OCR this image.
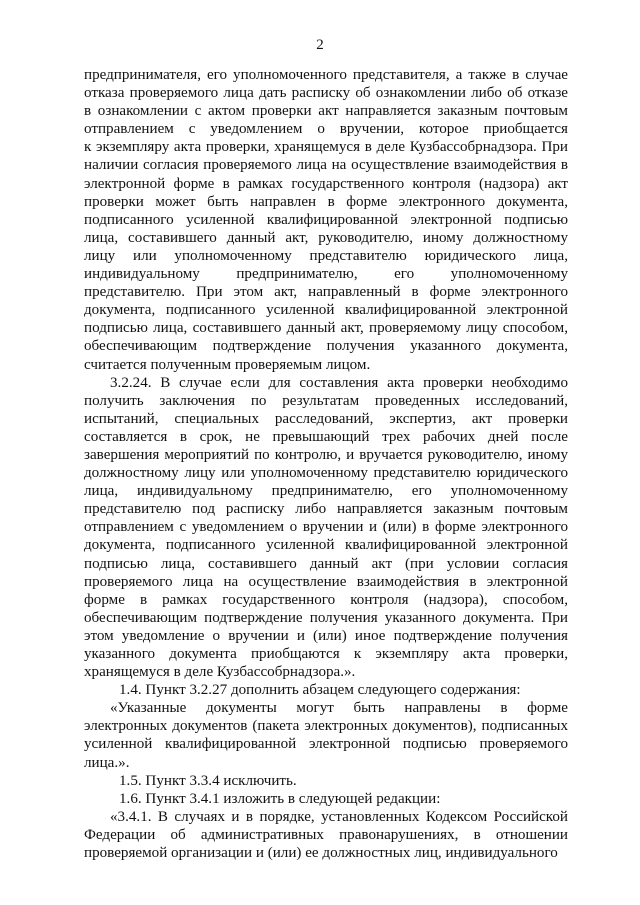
2
предпринимателя, его уполномоченного представителя, а также в случае
отказа проверяемого лица дать расписку об ознакомлении либо об отказе
в ознакомлении с актом проверки акт направляется заказным почтовым
отправлением с уведомлением о вручении, которое приобщается
к экземпляру акта проверки, хранящемуся в деле Кузбассобрнадзора. При
наличии согласия проверяемого лица на осуществление взаимодействия в
электронной форме в рамках государственного контроля (надзора) акт
проверки может быть направлен в форме электронного документа,
подписанного усиленной квалифицированной электронной подписью
лица, составившего данный акт, руководителю, иному должностному
лицу или уполномоченному представителю юридического лица,
индивидуальному предпринимателю, его уполномоченному
представителю. При этом акт, направленный в форме электронного
документа, подписанного усиленной квалифицированной электронной
подписью лица, составившего данный акт, проверяемому лицу способом,
обеспечивающим подтверждение получения указанного документа,
считается полученным проверяемым лицом.
3.2.24. В случае если для составления акта проверки необходимо
получить заключения по результатам проведенных исследований,
испытаний, специальных расследований, экспертиз, акт проверки
составляется в срок, не превышающий трех рабочих дней после
завершения мероприятий по контролю, и вручается руководителю, иному
должностному лицу или уполномоченному представителю юридического
лица, индивидуальному предпринимателю, его уполномоченному
представителю под расписку либо направляется заказным почтовым
отправлением с уведомлением о вручении и (или) в форме электронного
документа, подписанного усиленной квалифицированной электронной
подписью лица, составившего данный акт (при условии согласия
проверяемого лица на осуществление взаимодействия в электронной
форме в рамках государственного контроля (надзора), способом,
обеспечивающим подтверждение получения указанного документа. При
этом уведомление о вручении и (или) иное подтверждение получения
указанного документа приобщаются к экземпляру акта проверки,
хранящемуся в деле Кузбассобрнадзора.».
1.4. Пункт 3.2.27 дополнить абзацем следующего содержания:
«Указанные документы могут быть направлены в форме
электронных документов (пакета электронных документов), подписанных
усиленной квалифицированной электронной подписью проверяемого
лица.».
1.5. Пункт 3.3.4 исключить.
1.6. Пункт 3.4.1 изложить в следующей редакции:
«3.4.1. В случаях и в порядке, установленных Кодексом Российской
Федерации об административных правонарушениях, в отношении
проверяемой организации и (или) ее должностных лиц, индивидуального
